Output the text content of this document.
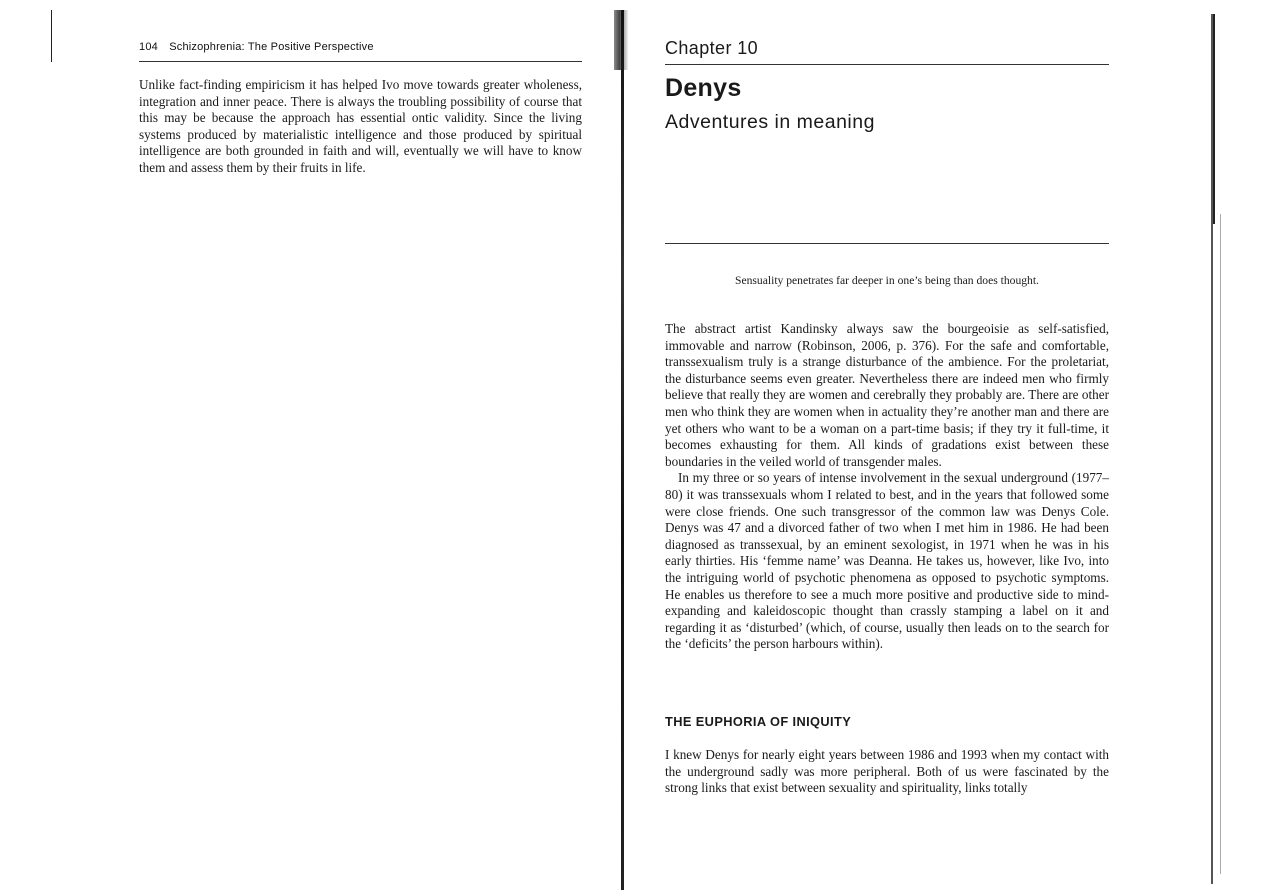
104 Schizophrenia: The Positive Perspective

Unlike fact-finding empiricism it has helped Ivo move towards greater wholeness, integration and inner peace. There is always the troubling possibility of course that this may be because the approach has essential ontic validity. Since the living systems produced by materialistic intelligence and those produced by spiritual intelligence are both grounded in faith and will, eventually we will have to know them and assess them by their fruits in life.

Chapter 10
Denys
Adventures in meaning
Sensuality penetrates far deeper in one’s being than does thought.

The abstract artist Kandinsky always saw the bourgeoisie as self-satisfied, immovable and narrow (Robinson, 2006, p. 376). For the safe and comfortable, transsexualism truly is a strange disturbance of the ambience. For the proletariat, the disturbance seems even greater. Nevertheless there are indeed men who firmly believe that really they are women and cerebrally they probably are. There are other men who think they are women when in actuality they’re another man and there are yet others who want to be a woman on a part-time basis; if they try it full-time, it becomes exhausting for them. All kinds of gradations exist between these boundaries in the veiled world of transgender males.

In my three or so years of intense involvement in the sexual underground (1977–80) it was transsexuals whom I related to best, and in the years that followed some were close friends. One such transgressor of the common law was Denys Cole. Denys was 47 and a divorced father of two when I met him in 1986. He had been diagnosed as transsexual, by an eminent sexologist, in 1971 when he was in his early thirties. His ‘femme name’ was Deanna. He takes us, however, like Ivo, into the intriguing world of psychotic phenomena as opposed to psychotic symptoms. He enables us therefore to see a much more positive and productive side to mind-expanding and kaleidoscopic thought than crassly stamping a label on it and regarding it as ‘disturbed’ (which, of course, usually then leads on to the search for the ‘deficits’ the person harbours within).

THE EUPHORIA OF INIQUITY

I knew Denys for nearly eight years between 1986 and 1993 when my contact with the underground sadly was more peripheral. Both of us were fascinated by the strong links that exist between sexuality and spirituality, links totally
